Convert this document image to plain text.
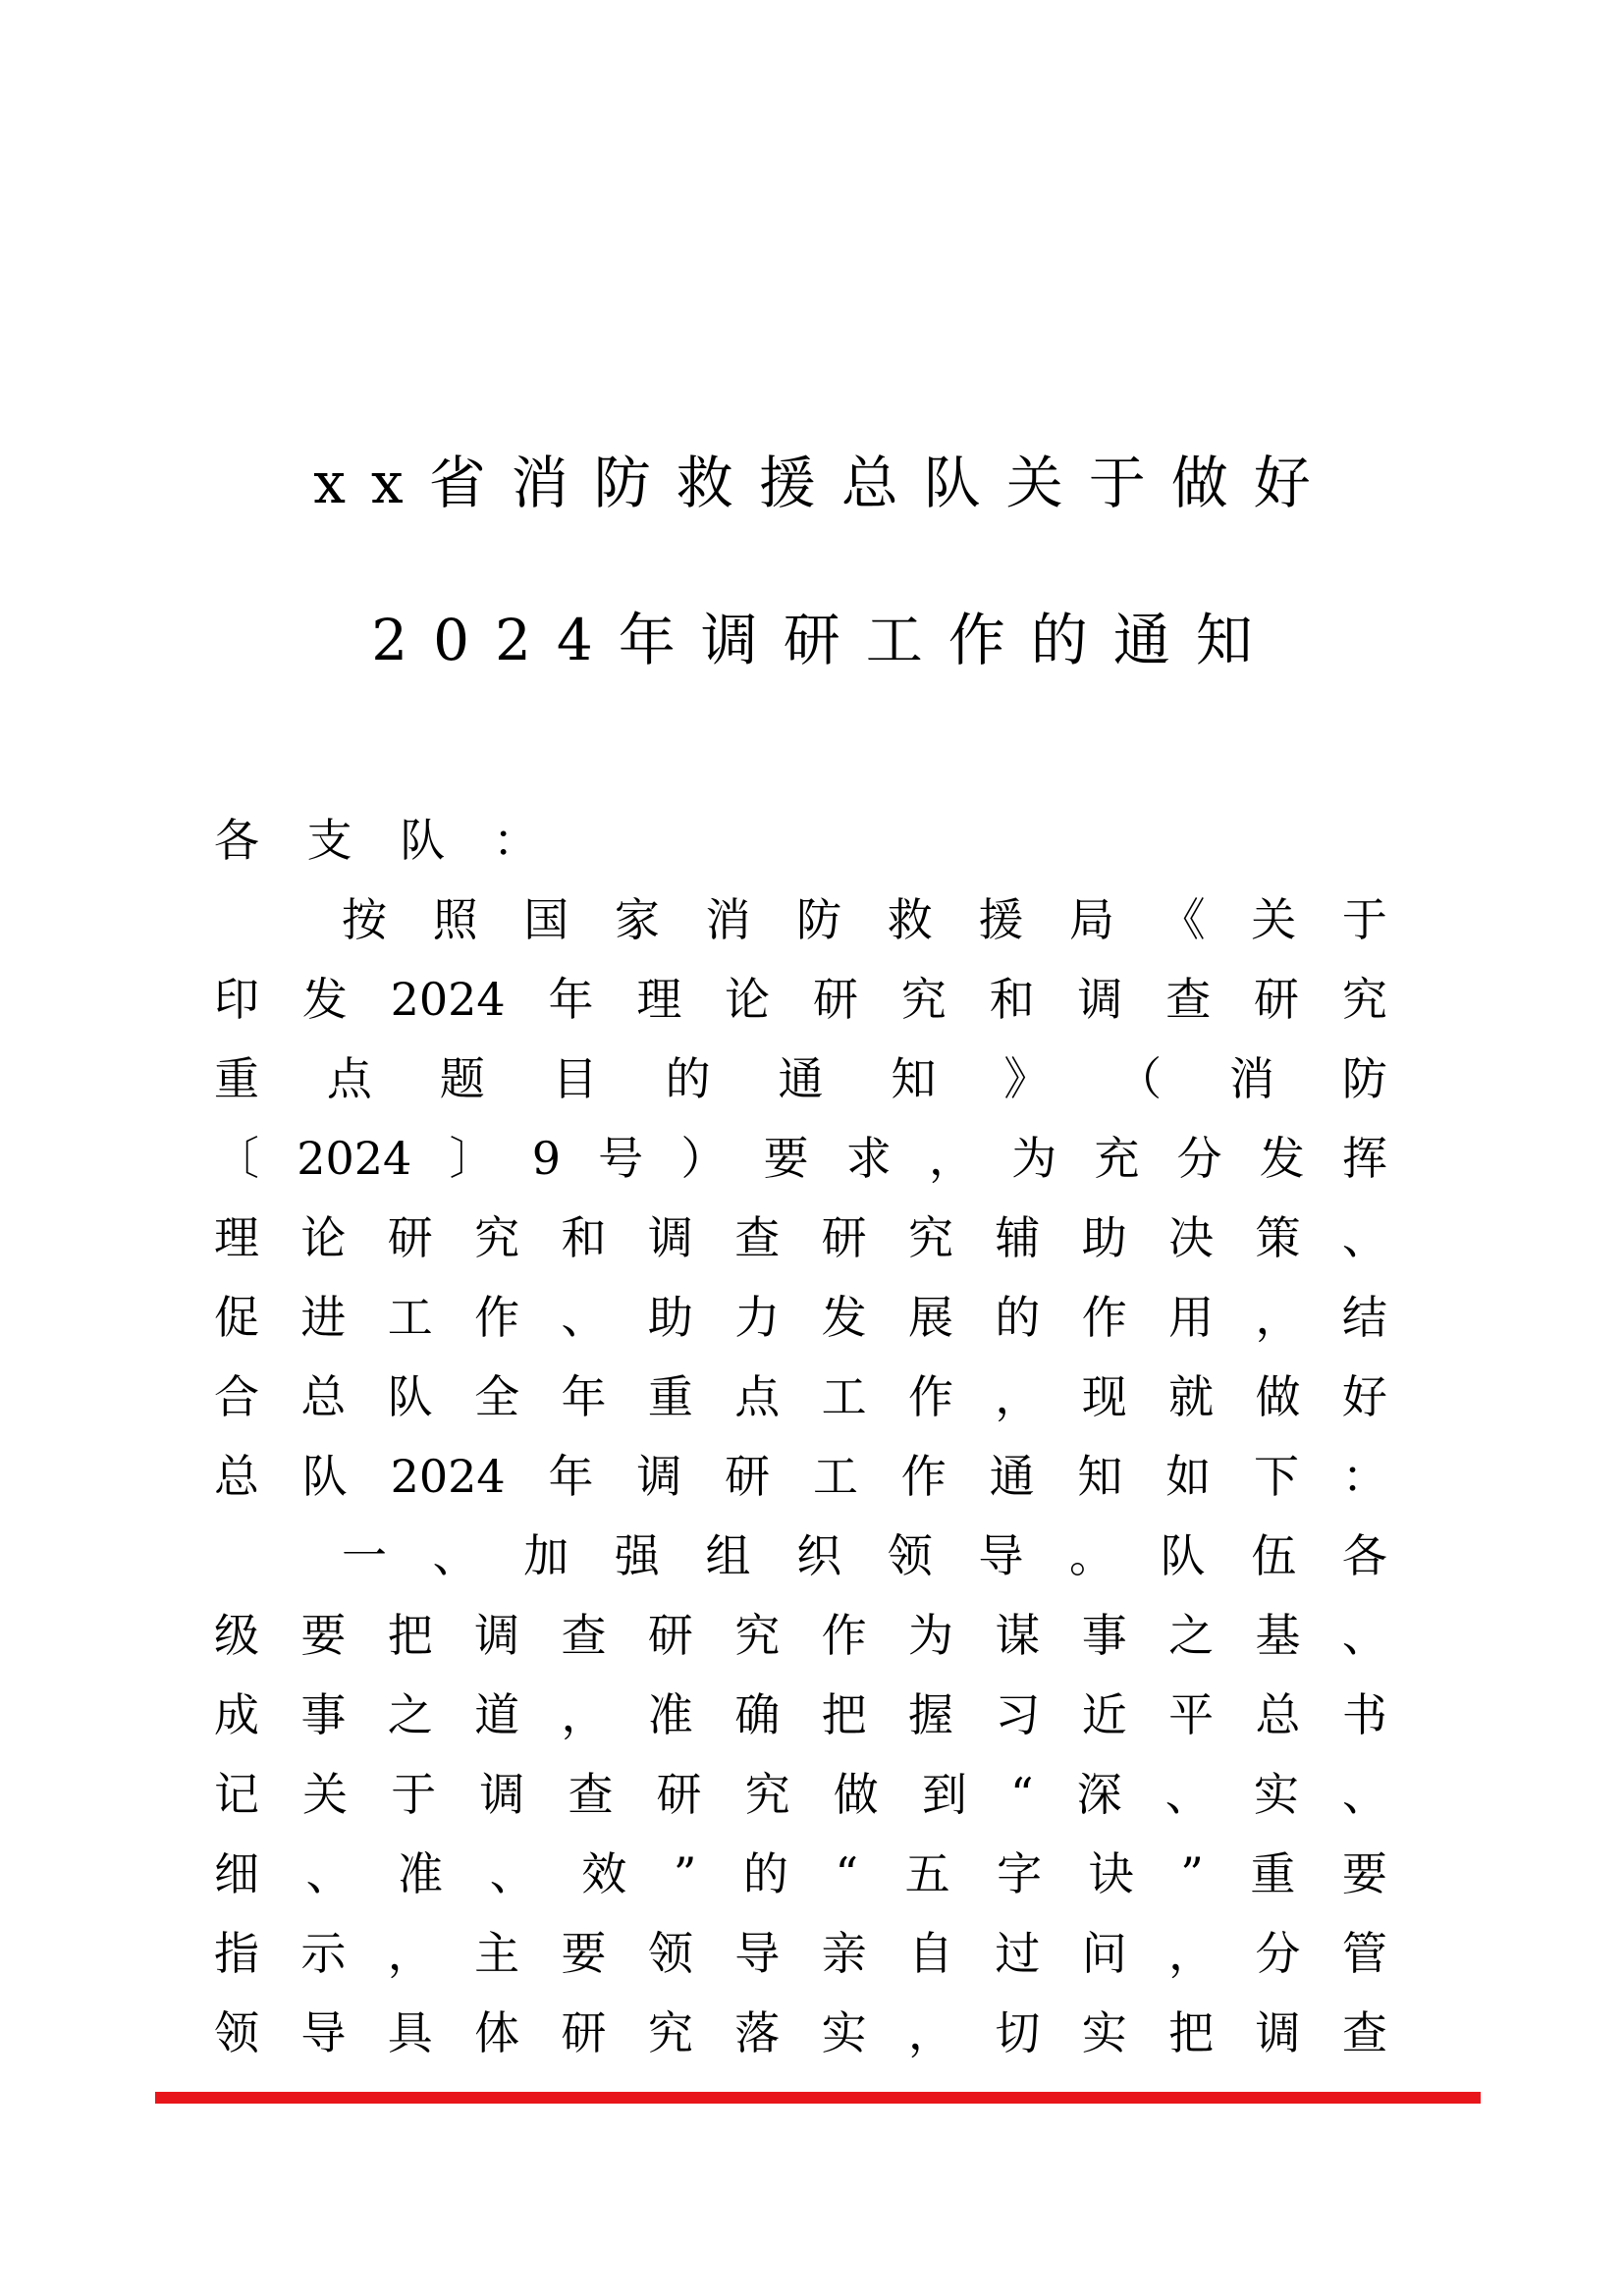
xx省消防救援总队关于做好
2024年调研工作的通知
各 支 队 ：
按 照 国 家 消 防 救 援 局 《 关 于
印 发 2024 年 理 论 研 究 和 调 查 研 究
重 点 题 目 的 通 知 》 （ 消 防
〔 2024 〕 9 号 ） 要 求 ， 为 充 分 发 挥
理 论 研 究 和 调 查 研 究 辅 助 决 策 、
促 进 工 作 、 助 力 发 展 的 作 用 ， 结
合 总 队 全 年 重 点 工 作 ， 现 就 做 好
总 队 2024 年 调 研 工 作 通 知 如 下 ：
一 、 加 强 组 织 领 导 。 队 伍 各
级 要 把 调 查 研 究 作 为 谋 事 之 基 、
成 事 之 道 ， 准 确 把 握 习 近 平 总 书
记 关 于 调 查 研 究 做 到 “ 深 、 实 、
细 、 准 、 效 ” 的 “ 五 字 诀 ” 重 要
指 示 ， 主 要 领 导 亲 自 过 问 ， 分 管
领 导 具 体 研 究 落 实 ， 切 实 把 调 查
